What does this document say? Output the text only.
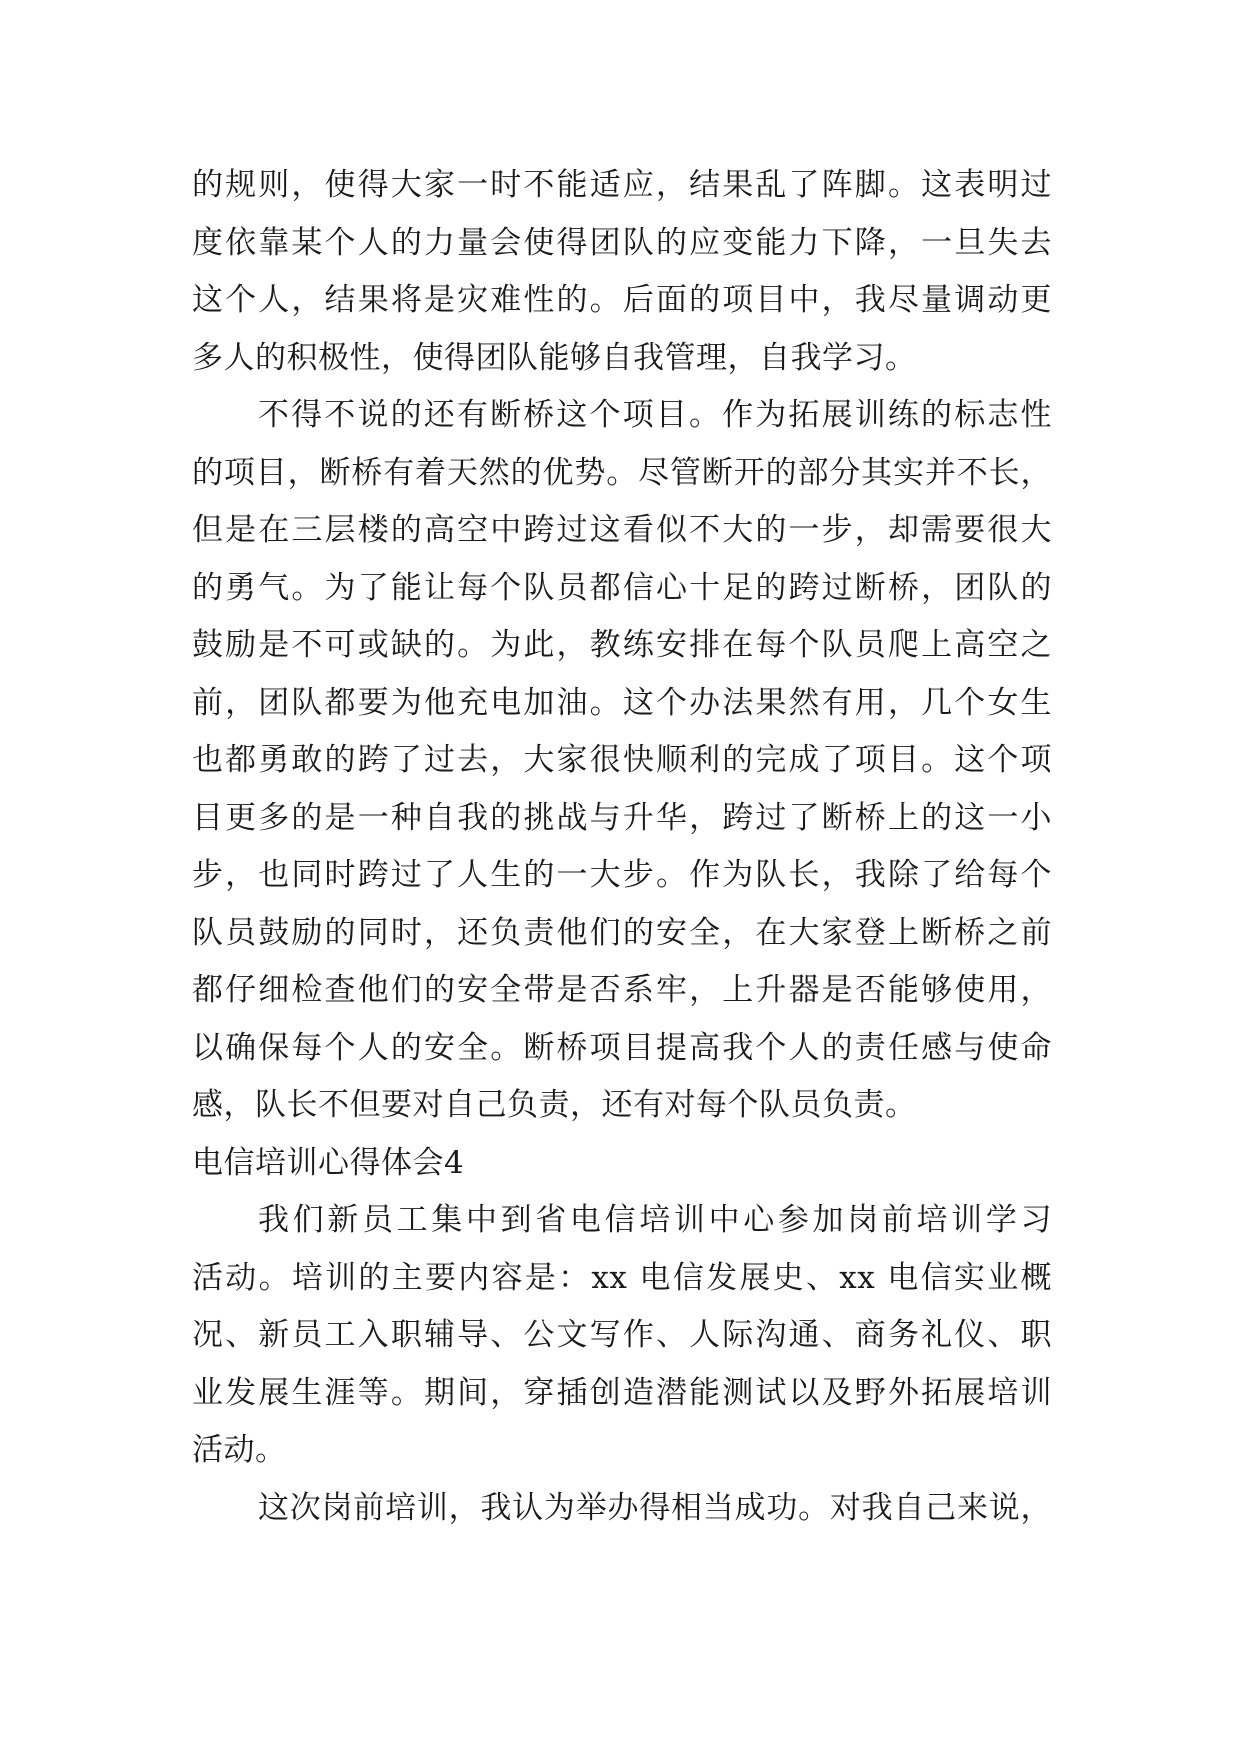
的规则，使得大家一时不能适应，结果乱了阵脚。这表明过
度依靠某个人的力量会使得团队的应变能力下降，一旦失去
这个人，结果将是灾难性的。后面的项目中，我尽量调动更
多人的积极性，使得团队能够自我管理，自我学习。
不得不说的还有断桥这个项目。作为拓展训练的标志性
的项目，断桥有着天然的优势。尽管断开的部分其实并不长，
但是在三层楼的高空中跨过这看似不大的一步，却需要很大
的勇气。为了能让每个队员都信心十足的跨过断桥，团队的
鼓励是不可或缺的。为此，教练安排在每个队员爬上高空之
前，团队都要为他充电加油。这个办法果然有用，几个女生
也都勇敢的跨了过去，大家很快顺利的完成了项目。这个项
目更多的是一种自我的挑战与升华，跨过了断桥上的这一小
步，也同时跨过了人生的一大步。作为队长，我除了给每个
队员鼓励的同时，还负责他们的安全，在大家登上断桥之前
都仔细检查他们的安全带是否系牢，上升器是否能够使用，
以确保每个人的安全。断桥项目提高我个人的责任感与使命
感，队长不但要对自己负责，还有对每个队员负责。
电信培训心得体会4
我们新员工集中到省电信培训中心参加岗前培训学习
活动。培训的主要内容是：xx 电信发展史、xx 电信实业概
况、新员工入职辅导、公文写作、人际沟通、商务礼仪、职
业发展生涯等。期间，穿插创造潜能测试以及野外拓展培训
活动。
这次岗前培训，我认为举办得相当成功。对我自己来说，
